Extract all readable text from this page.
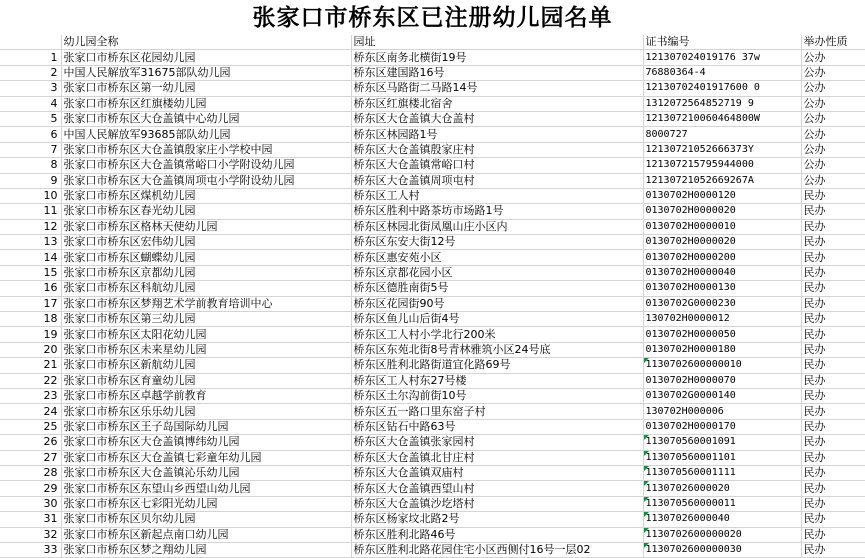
张家口市桥东区已注册幼儿园名单
	幼儿园全称	园址	证书编号	举办性质
1	张家口市桥东区花园幼儿园	桥东区南务北横街19号	121307024019176 37w	公办
2	中国人民解放军31675部队幼儿园	桥东区建国路16号	76880364-4	公办
3	张家口市桥东区第一幼儿园	桥东区马路街二马路14号	12130702401917600 0	公办
4	张家口市桥东区红旗楼幼儿园	桥东区红旗楼北宿舍	1312072564852719 9	公办
5	张家口市桥东区大仓盖镇中心幼儿园	桥东区大仓盖镇大仓盖村	121307210060464800W	公办
6	中国人民解放军93685部队幼儿园	桥东区林园路1号	8000727	公办
7	张家口市桥东区大仓盖镇殷家庄小学校中园	桥东区大仓盖镇殷家庄村	12130721052666373Y	公办
8	张家口市桥东区大仓盖镇常峪口小学附设幼儿园	桥东区大仓盖镇常峪口村	121307215795944000	公办
9	张家口市桥东区大仓盖镇周项屯小学附设幼儿园	桥东区大仓盖镇周项屯村	12130721052669267A	公办
10	张家口市桥东区煤机幼儿园	桥东区工人村	0130702H0000120	民办
11	张家口市桥东区春光幼儿园	桥东区胜利中路茶坊市场路1号	0130702H0000020	民办
12	张家口市桥东区格林天使幼儿园	桥东区林园北街凤凰山庄小区内	0130702H0000010	民办
13	张家口市桥东区宏伟幼儿园	桥东区东安大街12号	0130702H0000020	民办
14	张家口市桥东区蝴蝶幼儿园	桥东区惠安苑小区	0130702H0000200	民办
15	张家口市桥东区京都幼儿园	桥东区京都花园小区	0130702H0000040	民办
16	张家口市桥东区科航幼儿园	桥东区德胜南街5号	0130702H0000130	民办
17	张家口市桥东区梦翔艺术学前教育培训中心	桥东区花园街90号	0130702G0000230	民办
18	张家口市桥东区第三幼儿园	桥东区鱼儿山后街4号	130702H0000012	民办
19	张家口市桥东区太阳花幼儿园	桥东区工人村小学北行200米	0130702H0000050	民办
20	张家口市桥东区未来星幼儿园	桥东区东苑北街8号青林雅筑小区24号底	0130702H0000180	民办
21	张家口市桥东区新航幼儿园	桥东区胜利北路街道宜化路69号	1130702600000010	民办
22	张家口市桥东区育童幼儿园	桥东区工人村东27号楼	0130702H0000070	民办
23	张家口市桥东区卓越学前教育	桥东区土尔沟前街10号	0130702G0000140	民办
24	张家口市桥东区乐乐幼儿园	桥东区五一路口里东窑子村	130702H000006	民办
25	张家口市桥东区王子岛国际幼儿园	桥东区钻石中路63号	0130702H0000170	民办
26	张家口市桥东区大仓盖镇博纬幼儿园	桥东区大仓盖镇张家园村	113070560001091	民办
27	张家口市桥东区大仓盖镇七彩童年幼儿园	桥东区大仓盖镇北甘庄村	113070560001101	民办
28	张家口市桥东区大仓盖镇沁乐幼儿园	桥东区大仓盖镇双庙村	113070560001111	民办
29	张家口市桥东区东望山乡西望山幼儿园	桥东区大仓盖镇西望山村	11307026000020	民办
30	张家口市桥东区七彩阳光幼儿园	桥东区大仓盖镇沙圪塔村	113070560000011	民办
31	张家口市桥东区贝尔幼儿园	桥东区杨家坟北路2号	11307026000040	民办
32	张家口市桥东区新起点南口幼儿园	桥东区胜利北路46号	1130702600000020	民办
33	张家口市桥东区梦之翔幼儿园	桥东区胜利北路花园住宅小区西侧付16号一层02	1130702600000030	民办
